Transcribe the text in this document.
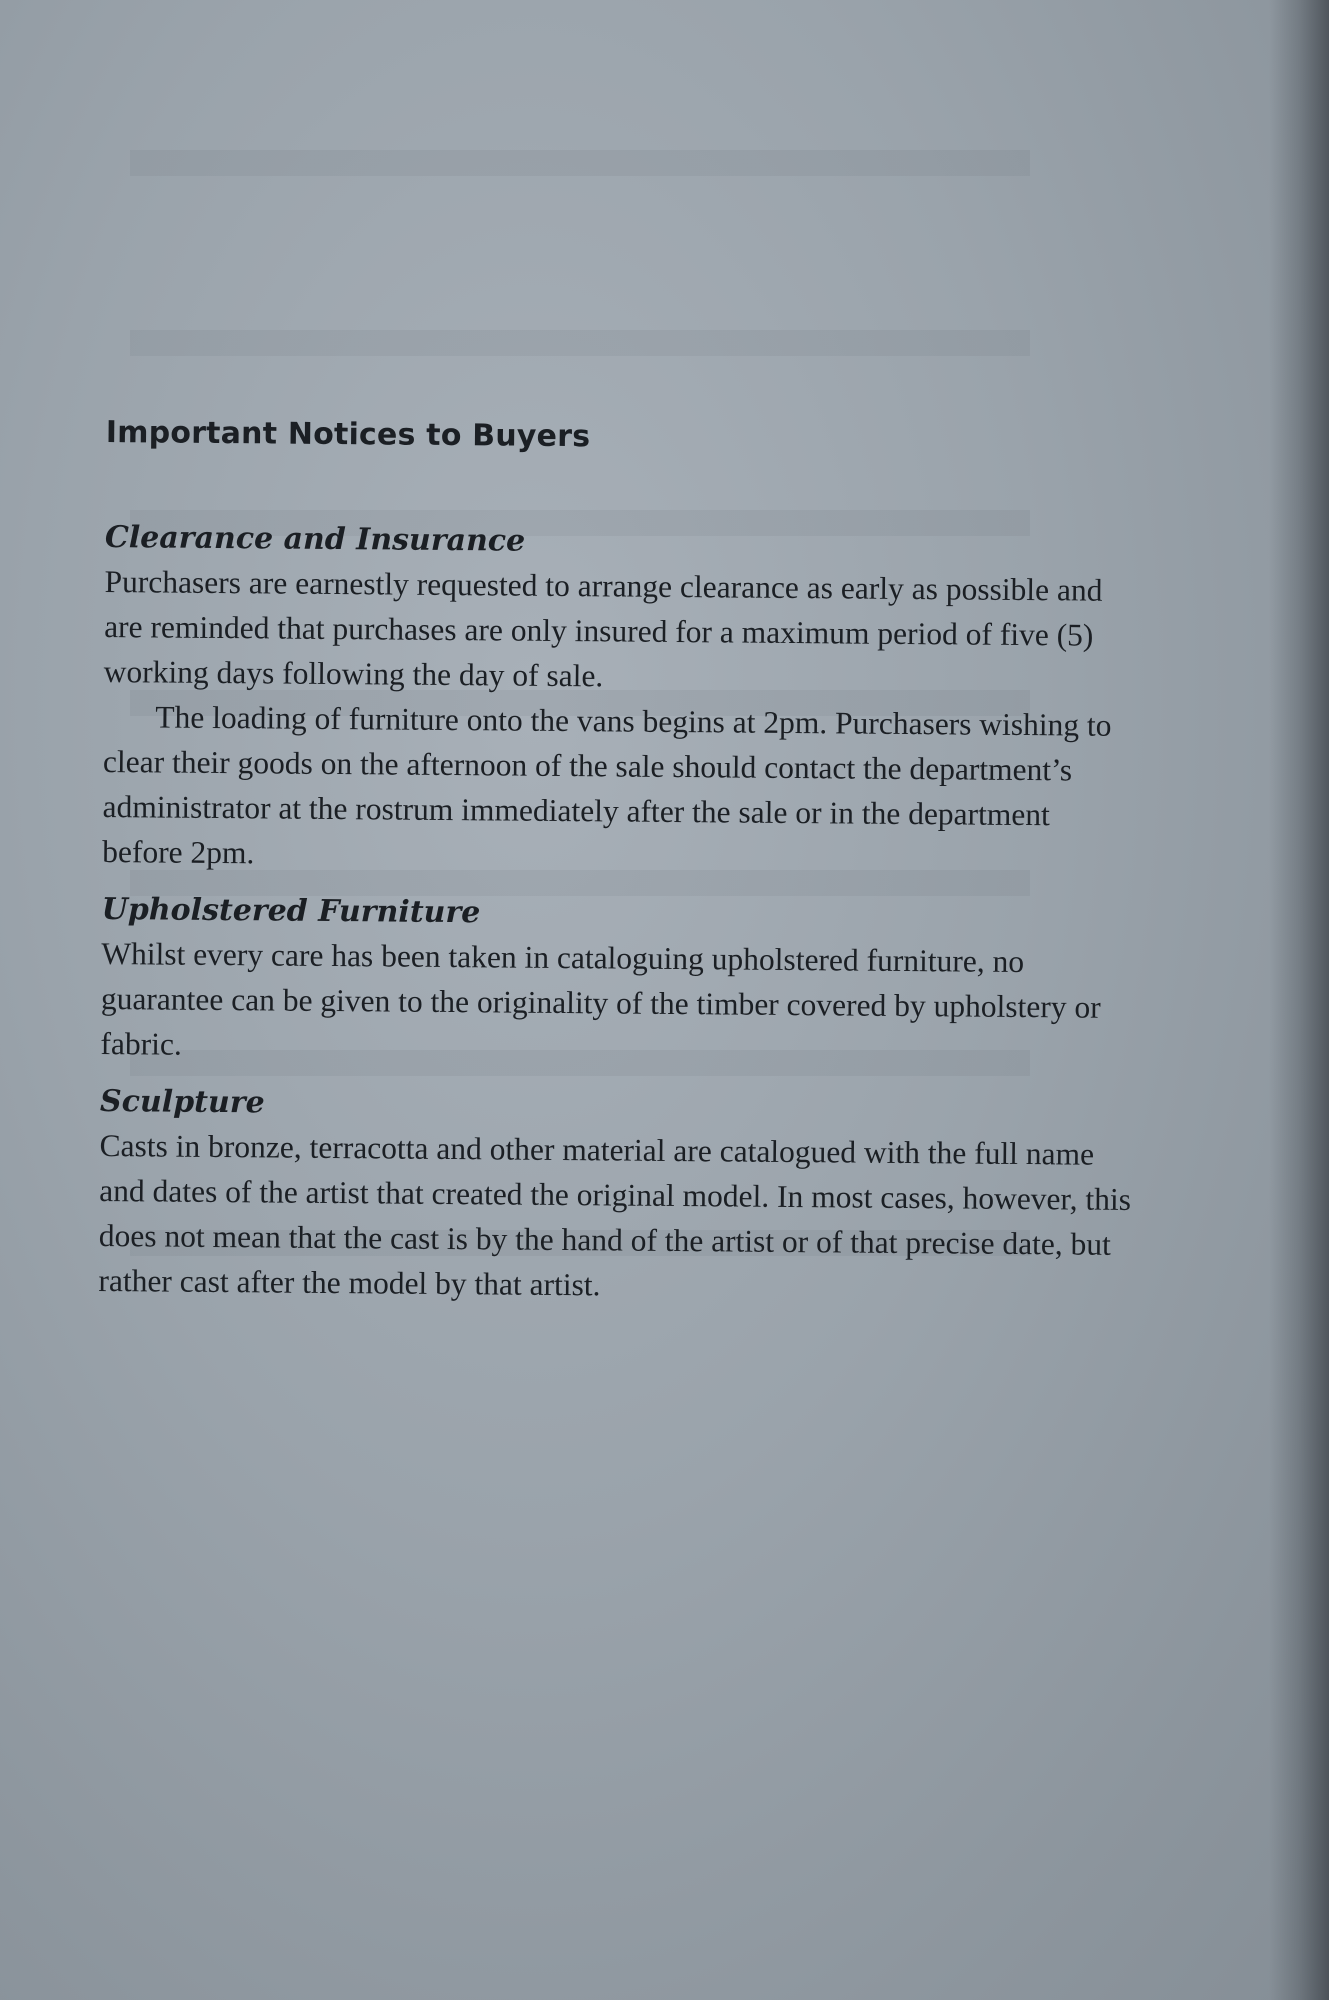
Important Notices to Buyers
Clearance and Insurance

Purchasers are earnestly requested to arrange clearance as early as possible and
are reminded that purchases are only insured for a maximum period of five (5)
working days following the day of sale.

The loading of furniture onto the vans begins at 2pm. Purchasers wishing to
clear their goods on the afternoon of the sale should contact the department’s
administrator at the rostrum immediately after the sale or in the department
before 2pm.

Upholstered Furniture

Whilst every care has been taken in cataloguing upholstered furniture, no
guarantee can be given to the originality of the timber covered by upholstery or
fabric.

Sculpture

Casts in bronze, terracotta and other material are catalogued with the full name
and dates of the artist that created the original model. In most cases, however, this
does not mean that the cast is by the hand of the artist or of that precise date, but
rather cast after the model by that artist.
